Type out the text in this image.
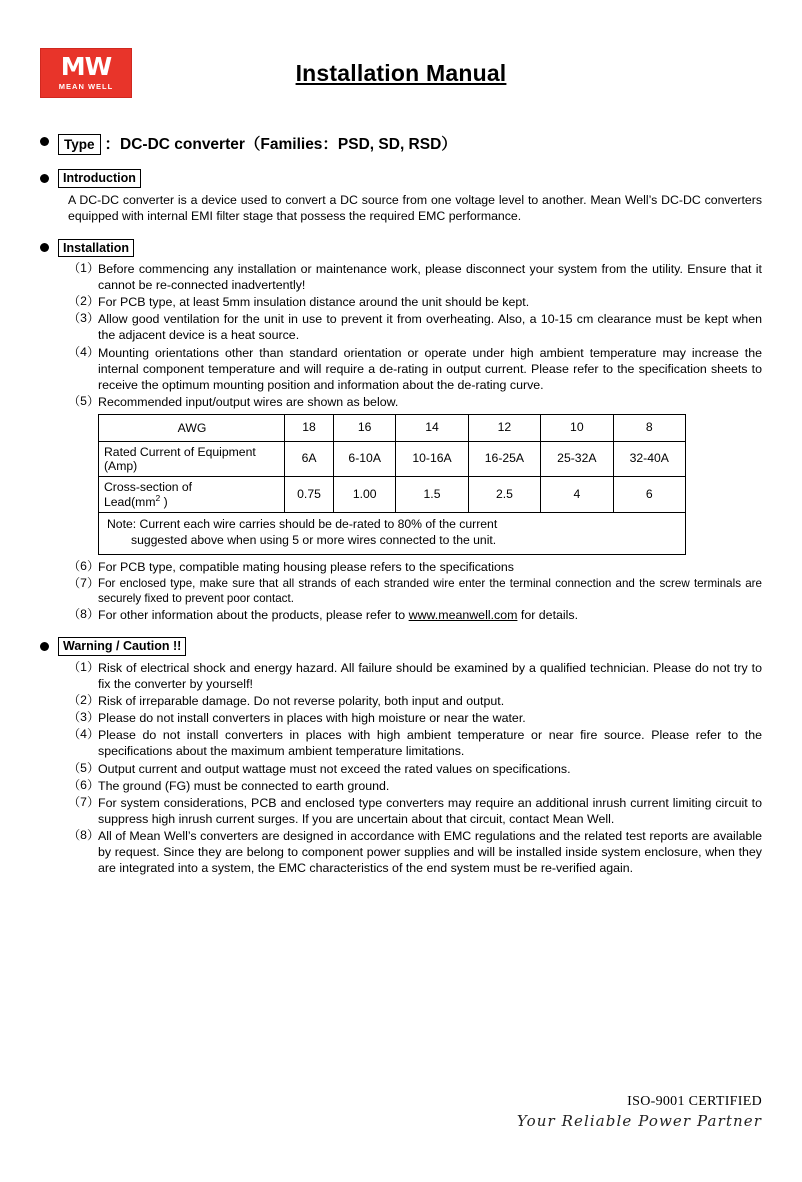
MW
MEAN WELL	Installation Manual
Type ：DC-DC converter（Families：PSD, SD, RSD）
Introduction
A DC-DC converter is a device used to convert a DC source from one voltage level to another. Mean Well’s DC-DC converters equipped with internal EMI filter stage that possess the required EMC performance.
Installation
（1）
Before commencing any installation or maintenance work, please disconnect your system from the utility. Ensure that it cannot be re-connected inadvertently!
（2）
For PCB type, at least 5mm insulation distance around the unit should be kept.
（3）
Allow good ventilation for the unit in use to prevent it from overheating. Also, a 10-15 cm clearance must be kept when the adjacent device is a heat source.
（4）
Mounting orientations other than standard orientation or operate under high ambient temperature may increase the internal component temperature and will require a de-rating in output current. Please refer to the specification sheets to receive the optimum mounting position and information about the de-rating curve.
（5）
Recommended input/output wires are shown as below.
AWG	18	16	14	12	10	8
Rated Current of Equipment (Amp)	6A	6-10A	10-16A	16-25A	25-32A	32-40A
Cross-section of
$Lead(mm^2$ )	0.75	1.00	1.5	2.5	4	6
Note: Current each wire carries should be de-rated to 80% of the current
suggested above when using 5 or more wires connected to the unit.						
（6）
For PCB type, compatible mating housing please refers to the specifications
（7）
For enclosed type, make sure that all strands of each stranded wire enter the terminal connection and the screw terminals are securely fixed to prevent poor contact.
（8）
For other information about the products, please refer to www.meanwell.com for details.
Warning / Caution !!
（1）
Risk of electrical shock and energy hazard. All failure should be examined by a qualified technician. Please do not try to fix the converter by yourself!
（2）
Risk of irreparable damage. Do not reverse polarity, both input and output.
（3）
Please do not install converters in places with high moisture or near the water.
（4）
Please do not install converters in places with high ambient temperature or near fire source. Please refer to the specifications about the maximum ambient temperature limitations.
（5）
Output current and output wattage must not exceed the rated values on specifications.
（6）
The ground (FG) must be connected to earth ground.
（7）
For system considerations, PCB and enclosed type converters may require an additional inrush current limiting circuit to suppress high inrush current surges. If you are uncertain about that circuit, contact Mean Well.
（8）
All of Mean Well’s converters are designed in accordance with EMC regulations and the related test reports are available by request. Since they are belong to component power supplies and will be installed inside system enclosure, when they are integrated into a system, the EMC characteristics of the end system must be re-verified again.
ISO-9001 CERTIFIED
Your Reliable Power Partner
